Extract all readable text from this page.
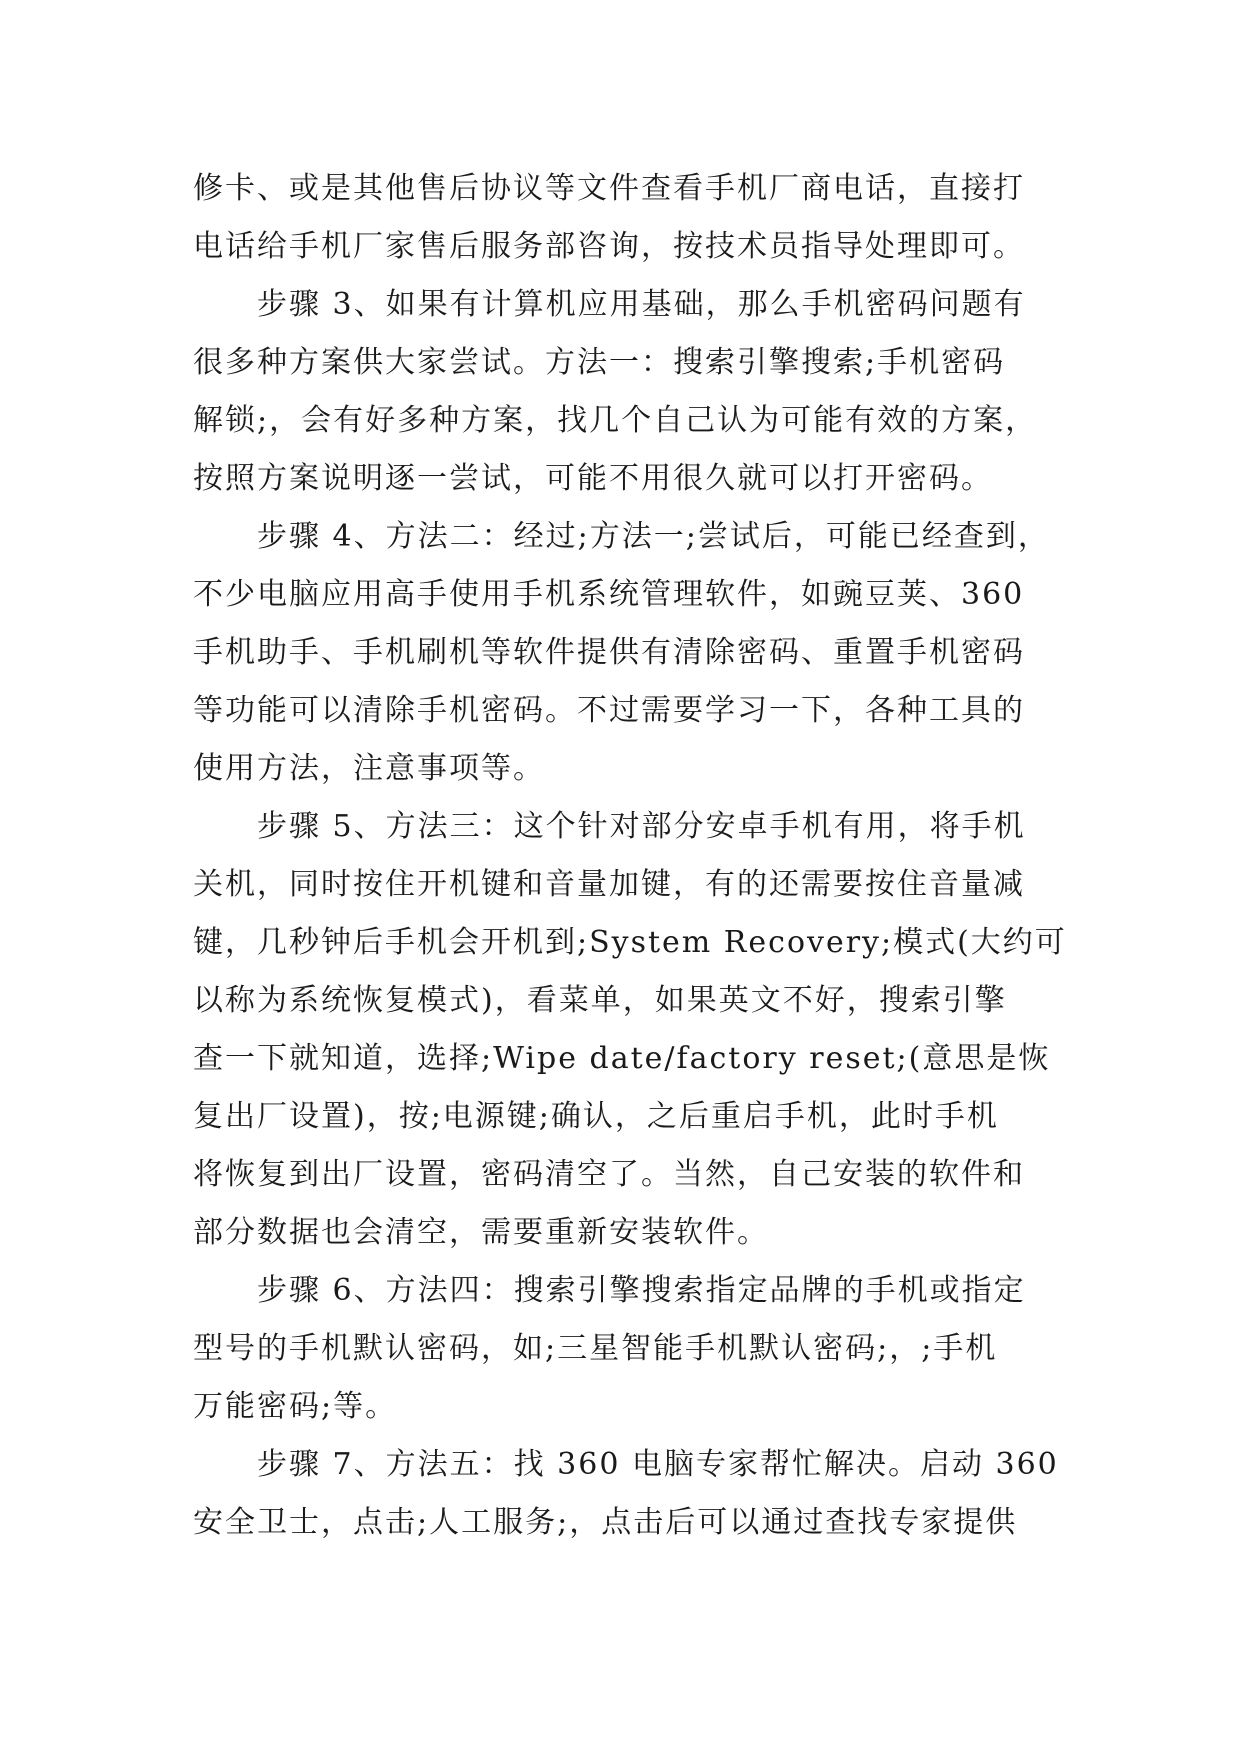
修卡、或是其他售后协议等文件查看手机厂商电话，直接打
电话给手机厂家售后服务部咨询，按技术员指导处理即可。
步骤 3、如果有计算机应用基础，那么手机密码问题有
很多种方案供大家尝试。方法一：搜索引擎搜索;手机密码
解锁;，会有好多种方案，找几个自己认为可能有效的方案，
按照方案说明逐一尝试，可能不用很久就可以打开密码。
步骤 4、方法二：经过;方法一;尝试后，可能已经查到，
不少电脑应用高手使用手机系统管理软件，如豌豆荚、360
手机助手、手机刷机等软件提供有清除密码、重置手机密码
等功能可以清除手机密码。不过需要学习一下，各种工具的
使用方法，注意事项等。
步骤 5、方法三：这个针对部分安卓手机有用，将手机
关机，同时按住开机键和音量加键，有的还需要按住音量减
键，几秒钟后手机会开机到;System Recovery;模式(大约可
以称为系统恢复模式)，看菜单，如果英文不好，搜索引擎
查一下就知道，选择;Wipe date/factory reset;(意思是恢
复出厂设置)，按;电源键;确认，之后重启手机，此时手机
将恢复到出厂设置，密码清空了。当然，自己安装的软件和
部分数据也会清空，需要重新安装软件。
步骤 6、方法四：搜索引擎搜索指定品牌的手机或指定
型号的手机默认密码，如;三星智能手机默认密码;，;手机
万能密码;等。
步骤 7、方法五：找 360 电脑专家帮忙解决。启动 360
安全卫士，点击;人工服务;，点击后可以通过查找专家提供
